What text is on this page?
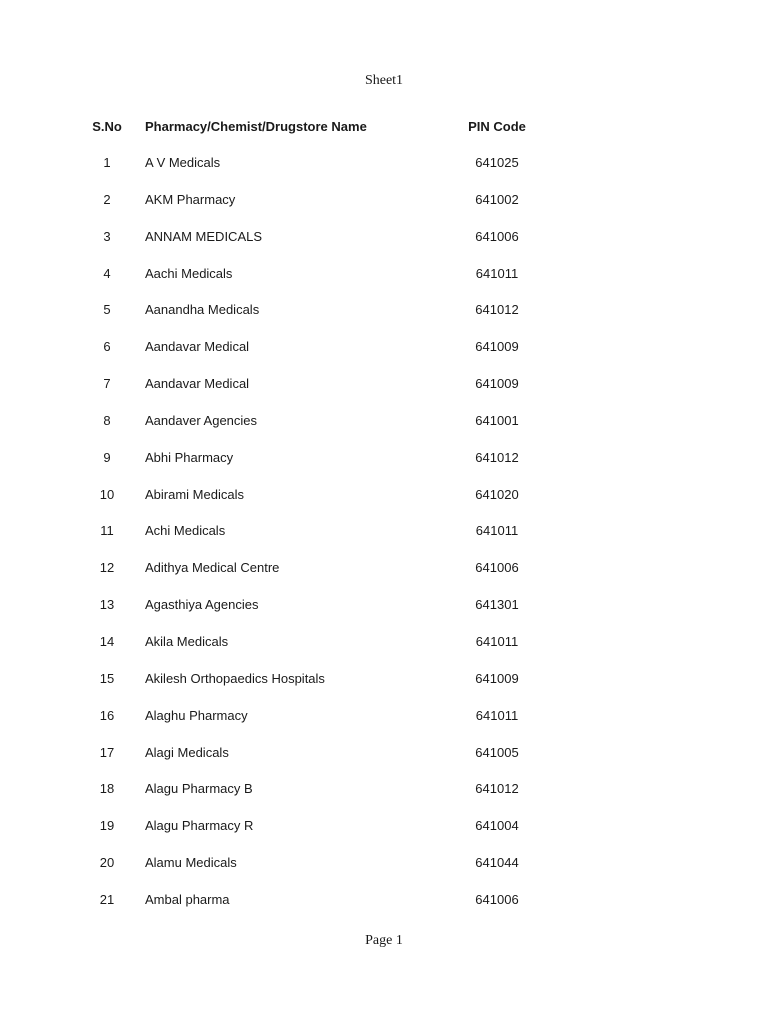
Sheet1
S.No	Pharmacy/Chemist/Drugstore Name	PIN Code
1	A V Medicals	641025
2	AKM Pharmacy	641002
3	ANNAM MEDICALS	641006
4	Aachi Medicals	641011
5	Aanandha Medicals	641012
6	Aandavar Medical	641009
7	Aandavar Medical	641009
8	Aandaver Agencies	641001
9	Abhi Pharmacy	641012
10	Abirami Medicals	641020
11	Achi Medicals	641011
12	Adithya Medical Centre	641006
13	Agasthiya Agencies	641301
14	Akila Medicals	641011
15	Akilesh Orthopaedics Hospitals	641009
16	Alaghu Pharmacy	641011
17	Alagi Medicals	641005
18	Alagu Pharmacy B	641012
19	Alagu Pharmacy R	641004
20	Alamu Medicals	641044
21	Ambal pharma	641006
Page 1
